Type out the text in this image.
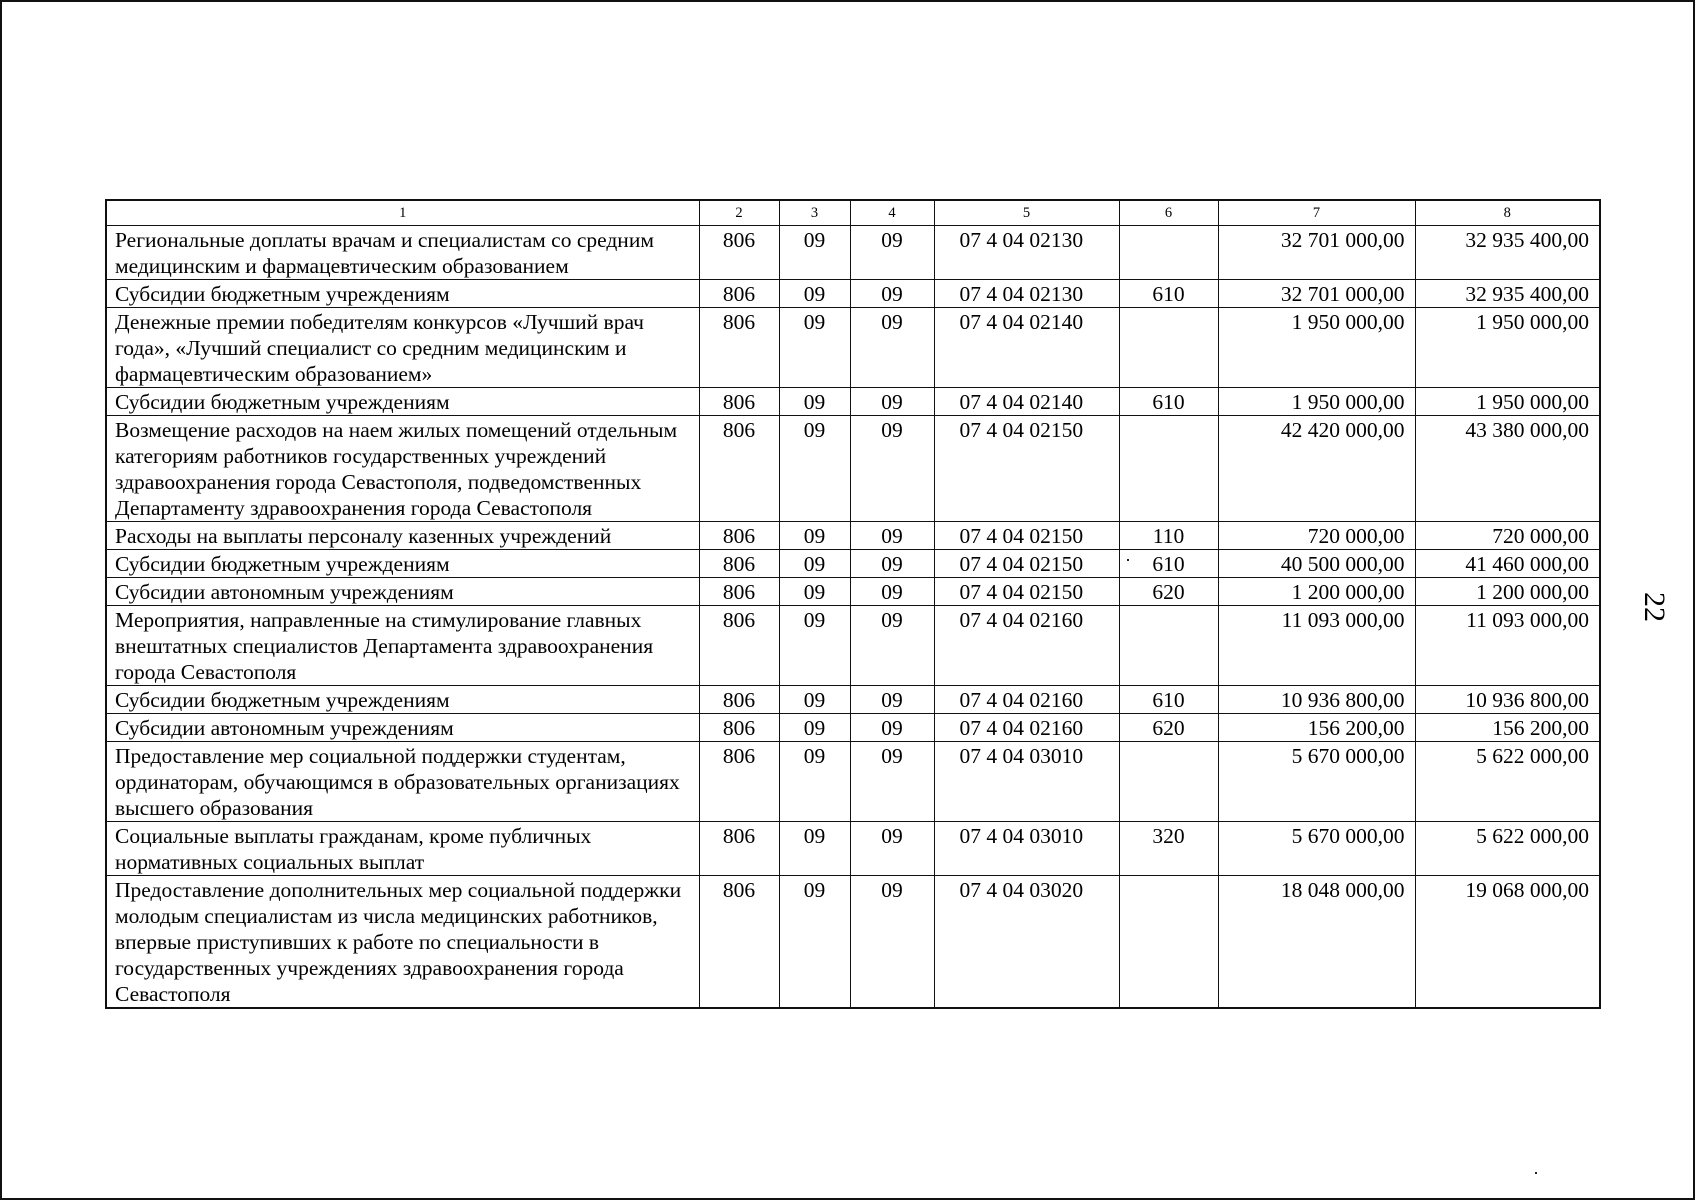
1	2	3	4	5	6	7	8
Региональные доплаты врачам и специалистам со средним медицинским и фармацевтическим образованием	806	09	09	07 4 04 02130		32 701 000,00	32 935 400,00
Субсидии бюджетным учреждениям	806	09	09	07 4 04 02130	610	32 701 000,00	32 935 400,00
Денежные премии победителям конкурсов «Лучший врач года», «Лучший специалист со средним медицинским и фармацевтическим образованием»	806	09	09	07 4 04 02140		1 950 000,00	1 950 000,00
Субсидии бюджетным учреждениям	806	09	09	07 4 04 02140	610	1 950 000,00	1 950 000,00
Возмещение расходов на наем жилых помещений отдельным категориям работников государственных учреждений здравоохранения города Севастополя, подведомственных Департаменту здравоохранения города Севастополя	806	09	09	07 4 04 02150		42 420 000,00	43 380 000,00
Расходы на выплаты персоналу казенных учреждений	806	09	09	07 4 04 02150	110	720 000,00	720 000,00
Субсидии бюджетным учреждениям	806	09	09	07 4 04 02150	610	40 500 000,00	41 460 000,00
Субсидии автономным учреждениям	806	09	09	07 4 04 02150	620	1 200 000,00	1 200 000,00
Мероприятия, направленные на стимулирование главных внештатных специалистов Департамента здравоохранения города Севастополя	806	09	09	07 4 04 02160		11 093 000,00	11 093 000,00
Субсидии бюджетным учреждениям	806	09	09	07 4 04 02160	610	10 936 800,00	10 936 800,00
Субсидии автономным учреждениям	806	09	09	07 4 04 02160	620	156 200,00	156 200,00
Предоставление мер социальной поддержки студентам, ординаторам, обучающимся в образовательных организациях высшего образования	806	09	09	07 4 04 03010		5 670 000,00	5 622 000,00
Социальные выплаты гражданам, кроме публичных нормативных социальных выплат	806	09	09	07 4 04 03010	320	5 670 000,00	5 622 000,00
Предоставление дополнительных мер социальной поддержки молодым специалистам из числа медицинских работников, впервые приступивших к работе по специальности в государственных учреждениях здравоохранения города Севастополя	806	09	09	07 4 04 03020		18 048 000,00	19 068 000,00
22
